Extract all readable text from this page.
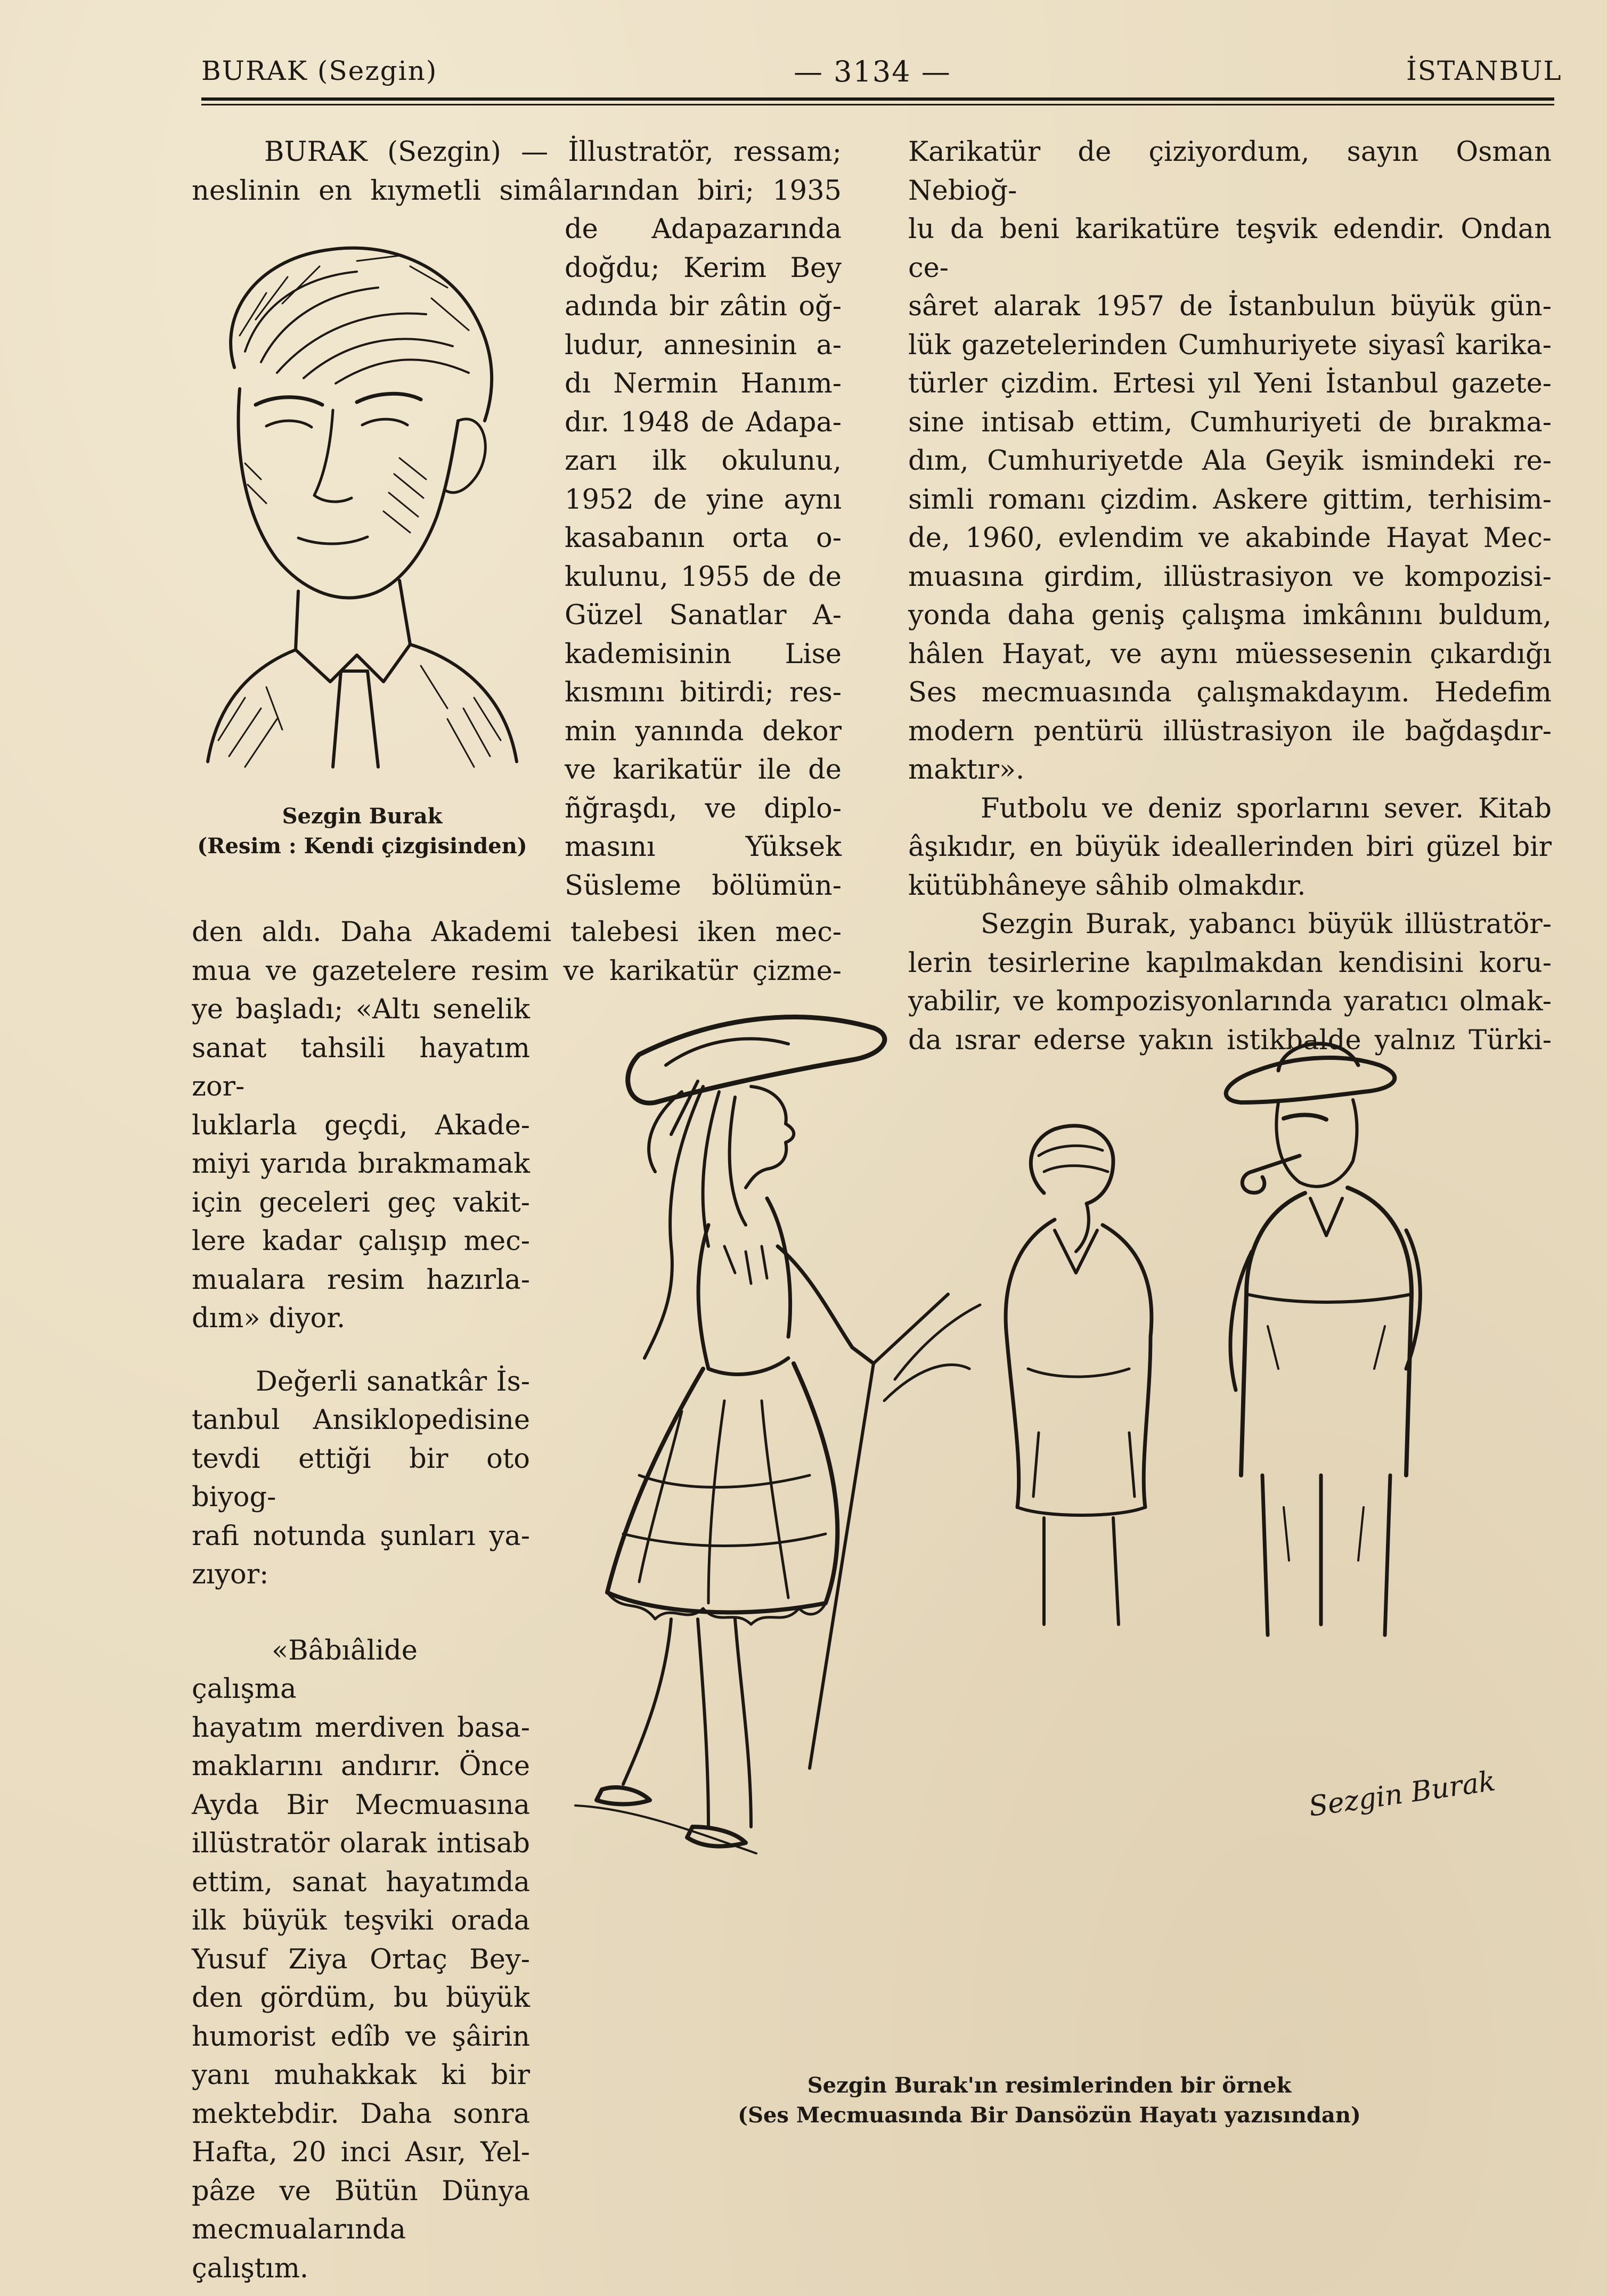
BURAK (Sezgin)	— 3134 —	İSTANBUL

BURAK (Sezgin) — İllustratör, ressam;

neslinin en kıymetli simâlarından biri; 1935

Sezgin Burak
(Resim : Kendi çizgisinden)

de Adapazarında

doğdu; Kerim Bey

adında bir zâtin oğ-

ludur, annesinin a-

dı Nermin Hanım-

dır. 1948 de Adapa-

zarı ilk okulunu,

1952 de yine aynı

kasabanın orta o-

kulunu, 1955 de de

Güzel Sanatlar A-

kademisinin Lise

kısmını bitirdi; res-

min yanında dekor

ve karikatür ile de

ñğraşdı, ve diplo-

masını Yüksek

Süsleme bölümün-

den aldı. Daha Akademi talebesi iken mec-

mua ve gazetelere resim ve karikatür çizme-

ye başladı; «Altı senelik

sanat tahsili hayatım zor-

luklarla geçdi, Akade-

miyi yarıda bırakmamak

için geceleri geç vakit-

lere kadar çalışıp mec-

mualara resim hazırla-

dım» diyor.

Değerli sanatkâr İs-

tanbul Ansiklopedisine

tevdi ettiği bir oto biyog-

rafi notunda şunları ya-

zıyor:

«Bâbıâlide çalışma

hayatım merdiven basa-

maklarını andırır. Önce

Ayda Bir Mecmuasına

illüstratör olarak intisab

ettim, sanat hayatımda

ilk büyük teşviki orada

Yusuf Ziya Ortaç Bey-

den gördüm, bu büyük

humorist edîb ve şâirin

yanı muhakkak ki bir

mektebdir. Daha sonra

Hafta, 20 inci Asır, Yel-

pâze ve Bütün Dünya

mecmualarında çalıştım.

Karikatür de çiziyordum, sayın Osman Nebioğ-

lu da beni karikatüre teşvik edendir. Ondan ce-

sâret alarak 1957 de İstanbulun büyük gün-

lük gazetelerinden Cumhuriyete siyasî karika-

türler çizdim. Ertesi yıl Yeni İstanbul gazete-

sine intisab ettim, Cumhuriyeti de bırakma-

dım, Cumhuriyetde Ala Geyik ismindeki re-

simli romanı çizdim. Askere gittim, terhisim-

de, 1960, evlendim ve akabinde Hayat Mec-

muasına girdim, illüstrasiyon ve kompozisi-

yonda daha geniş çalışma imkânını buldum,

hâlen Hayat, ve aynı müessesenin çıkardığı

Ses mecmuasında çalışmakdayım. Hedefim

modern pentürü illüstrasiyon ile bağdaşdır-

maktır».

Futbolu ve deniz sporlarını sever. Kitab

âşıkıdır, en büyük ideallerinden biri güzel bir

kütübhâneye sâhib olmakdır.

Sezgin Burak, yabancı büyük illüstratör-

lerin tesirlerine kapılmakdan kendisini koru-

yabilir, ve kompozisyonlarında yaratıcı olmak-

da ısrar ederse yakın istikbalde yalnız Türki-

Sezgin Burak
Sezgin Burak'ın resimlerinden bir örnek
(Ses Mecmuasında Bir Dansözün Hayatı yazısından)
